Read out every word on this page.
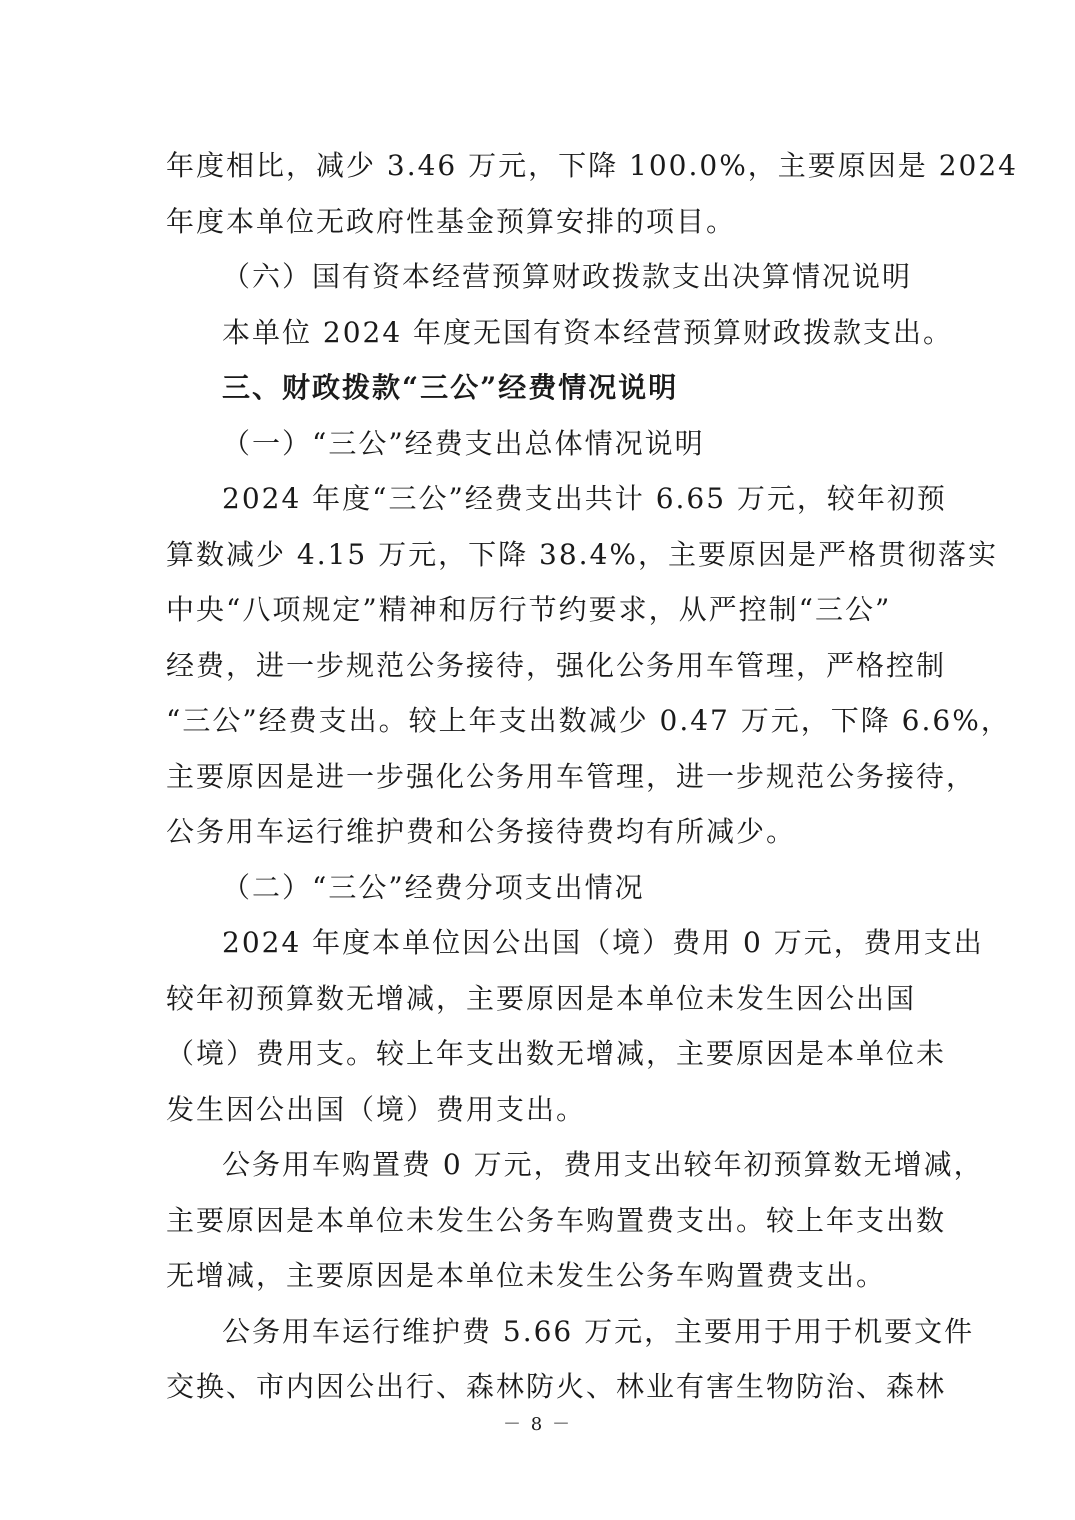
年度相比，减少 3.46 万元，下降 100.0%，主要原因是 2024
年度本单位无政府性基金预算安排的项目。
（六）国有资本经营预算财政拨款支出决算情况说明
本单位 2024 年度无国有资本经营预算财政拨款支出。
三、财政拨款“三公”经费情况说明
（一）“三公”经费支出总体情况说明
2024 年度“三公”经费支出共计 6.65 万元，较年初预
算数减少 4.15 万元，下降 38.4%，主要原因是严格贯彻落实
中央“八项规定”精神和厉行节约要求，从严控制“三公”
经费，进一步规范公务接待，强化公务用车管理，严格控制
“三公”经费支出。较上年支出数减少 0.47 万元，下降 6.6%，
主要原因是进一步强化公务用车管理，进一步规范公务接待，
公务用车运行维护费和公务接待费均有所减少。
（二）“三公”经费分项支出情况
2024 年度本单位因公出国（境）费用 0 万元，费用支出
较年初预算数无增减，主要原因是本单位未发生因公出国
（境）费用支。较上年支出数无增减，主要原因是本单位未
发生因公出国（境）费用支出。
公务用车购置费 0 万元，费用支出较年初预算数无增减，
主要原因是本单位未发生公务车购置费支出。较上年支出数
无增减，主要原因是本单位未发生公务车购置费支出。
公务用车运行维护费 5.66 万元，主要用于用于机要文件
交换、市内因公出行、森林防火、林业有害生物防治、森林
－ 8 －
